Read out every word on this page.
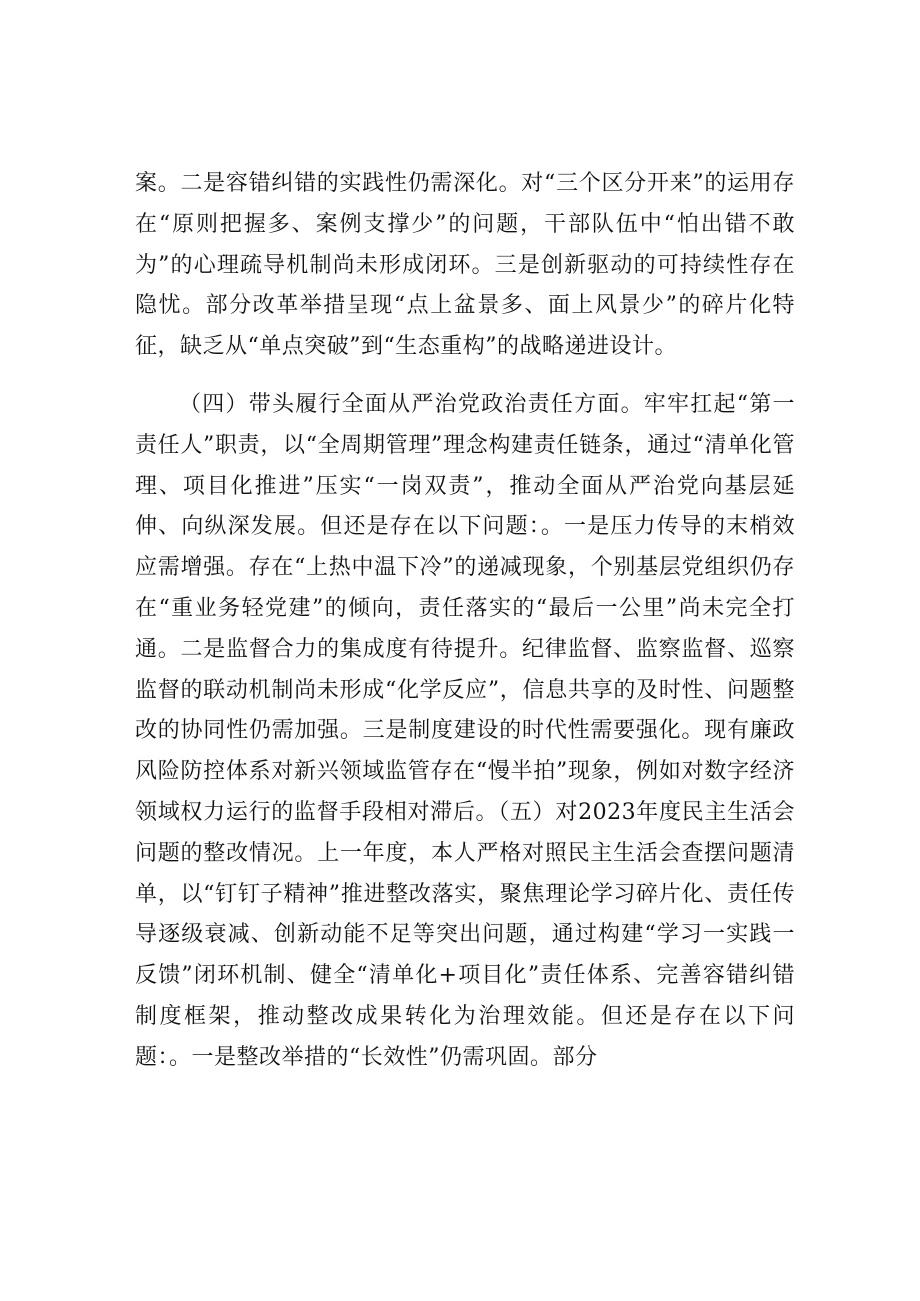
案。二是容错纠错的实践性仍需深化。对“三个区分开来”的运用存在“原则把握多、案例支撑少”的问题，干部队伍中“怕出错不敢为”的心理疏导机制尚未形成闭环。三是创新驱动的可持续性存在隐忧。部分改革举措呈现“点上盆景多、面上风景少”的碎片化特征，缺乏从“单点突破”到“生态重构”的战略递进设计。

（四）带头履行全面从严治党政治责任方面。牢牢扛起“第一责任人”职责，以“全周期管理”理念构建责任链条，通过“清单化管理、项目化推进”压实“一岗双责”，推动全面从严治党向基层延伸、向纵深发展。但还是存在以下问题：。一是压力传导的末梢效应需增强。存在“上热中温下冷”的递减现象，个别基层党组织仍存在“重业务轻党建”的倾向，责任落实的“最后一公里”尚未完全打通。二是监督合力的集成度有待提升。纪律监督、监察监督、巡察监督的联动机制尚未形成“化学反应”，信息共享的及时性、问题整改的协同性仍需加强。三是制度建设的时代性需要强化。现有廉政风险防控体系对新兴领域监管存在“慢半拍”现象，例如对数字经济领域权力运行的监督手段相对滞后。（五）对2023年度民主生活会问题的整改情况。上一年度，本人严格对照民主生活会查摆问题清单，以“钉钉子精神”推进整改落实，聚焦理论学习碎片化、责任传导逐级衰减、创新动能不足等突出问题，通过构建“学习一实践一反馈”闭环机制、健全“清单化+项目化”责任体系、完善容错纠错制度框架，推动整改成果转化为治理效能。但还是存在以下问题：。一是整改举措的“长效性”仍需巩固。部分
